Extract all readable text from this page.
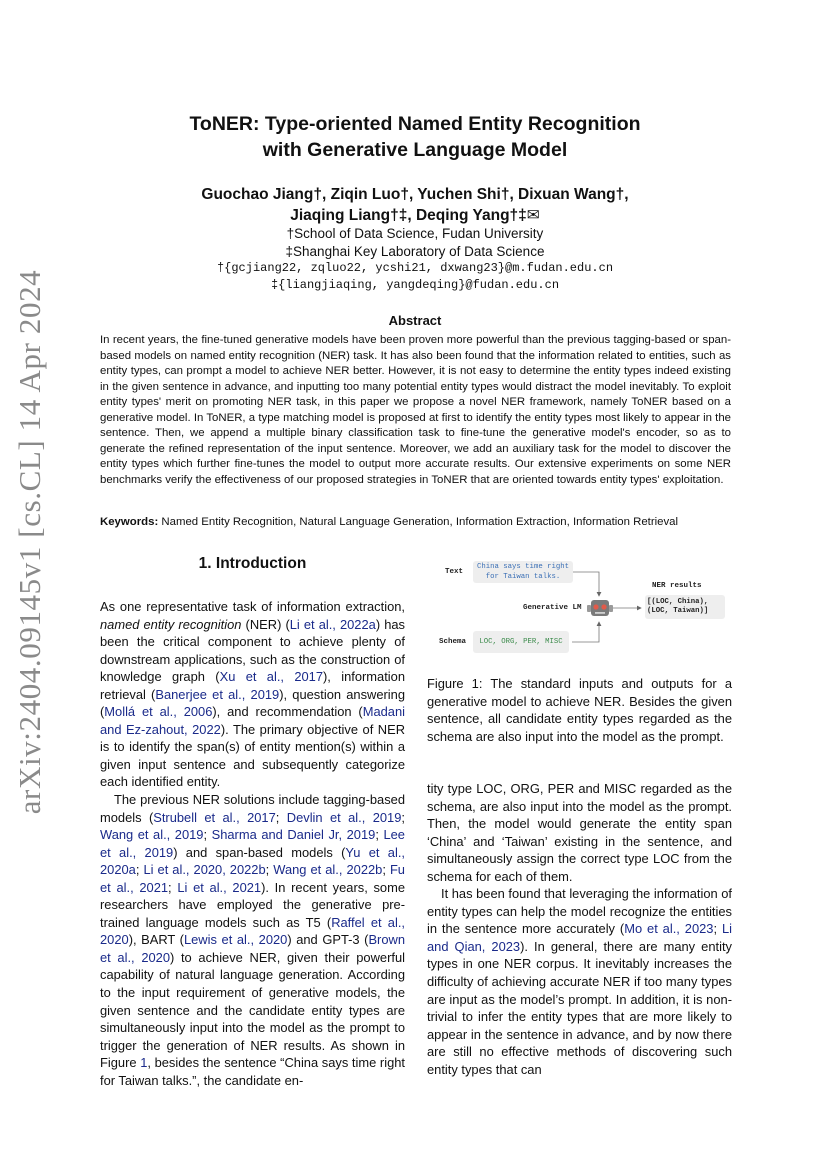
arXiv:2404.09145v1 [cs.CL] 14 Apr 2024
ToNER: Type-oriented Named Entity Recognition
with Generative Language Model
Guochao Jiang†, Ziqin Luo†, Yuchen Shi†, Dixuan Wang†,
Jiaqing Liang†‡, Deqing Yang†‡✉
†School of Data Science, Fudan University
‡Shanghai Key Laboratory of Data Science
†{gcjiang22, zqluo22, ycshi21, dxwang23}@m.fudan.edu.cn
‡{liangjiaqing, yangdeqing}@fudan.edu.cn
Abstract
In recent years, the fine-tuned generative models have been proven more powerful than the previous tagging-based or span-based models on named entity recognition (NER) task. It has also been found that the information related to entities, such as entity types, can prompt a model to achieve NER better. However, it is not easy to determine the entity types indeed existing in the given sentence in advance, and inputting too many potential entity types would distract the model inevitably. To exploit entity types' merit on promoting NER task, in this paper we propose a novel NER framework, namely ToNER based on a generative model. In ToNER, a type matching model is proposed at first to identify the entity types most likely to appear in the sentence. Then, we append a multiple binary classification task to fine-tune the generative model's encoder, so as to generate the refined representation of the input sentence. Moreover, we add an auxiliary task for the model to discover the entity types which further fine-tunes the model to output more accurate results. Our extensive experiments on some NER benchmarks verify the effectiveness of our proposed strategies in ToNER that are oriented towards entity types' exploitation.
Keywords: Named Entity Recognition, Natural Language Generation, Information Extraction, Information Retrieval
1. Introduction

As one representative task of information extraction, named entity recognition (NER) (Li et al., 2022a) has been the critical component to achieve plenty of downstream applications, such as the construction of knowledge graph (Xu et al., 2017), information retrieval (Banerjee et al., 2019), question answering (Mollá et al., 2006), and recommendation (Madani and Ez-zahout, 2022). The primary objective of NER is to identify the span(s) of entity mention(s) within a given input sentence and subsequently categorize each identified entity.

The previous NER solutions include tagging-based models (Strubell et al., 2017; Devlin et al., 2019; Wang et al., 2019; Sharma and Daniel Jr, 2019; Lee et al., 2019) and span-based models (Yu et al., 2020a; Li et al., 2020, 2022b; Wang et al., 2022b; Fu et al., 2021; Li et al., 2021). In recent years, some researchers have employed the generative pre-trained language models such as T5 (Raffel et al., 2020), BART (Lewis et al., 2020) and GPT-3 (Brown et al., 2020) to achieve NER, given their powerful capability of natural language generation. According to the input requirement of generative models, the given sentence and the candidate entity types are simultaneously input into the model as the prompt to trigger the generation of NER results. As shown in Figure 1, besides the sentence “China says time right for Taiwan talks.”, the candidate en-

Text
China says time right
for Taiwan talks.
Generative LM
NER results
[(LOC, China),
(LOC, Taiwan)]
Schema	LOC, ORG, PER, MISC
Figure 1: The standard inputs and outputs for a generative model to achieve NER. Besides the given sentence, all candidate entity types regarded as the schema are also input into the model as the prompt.

tity type LOC, ORG, PER and MISC regarded as the schema, are also input into the model as the prompt. Then, the model would generate the entity span ‘China’ and ‘Taiwan’ existing in the sentence, and simultaneously assign the correct type LOC from the schema for each of them.

It has been found that leveraging the information of entity types can help the model recognize the entities in the sentence more accurately (Mo et al., 2023; Li and Qian, 2023). In general, there are many entity types in one NER corpus. It inevitably increases the difficulty of achieving accurate NER if too many types are input as the model’s prompt. In addition, it is non-trivial to infer the entity types that are more likely to appear in the sentence in advance, and by now there are still no effective methods of discovering such entity types that can
